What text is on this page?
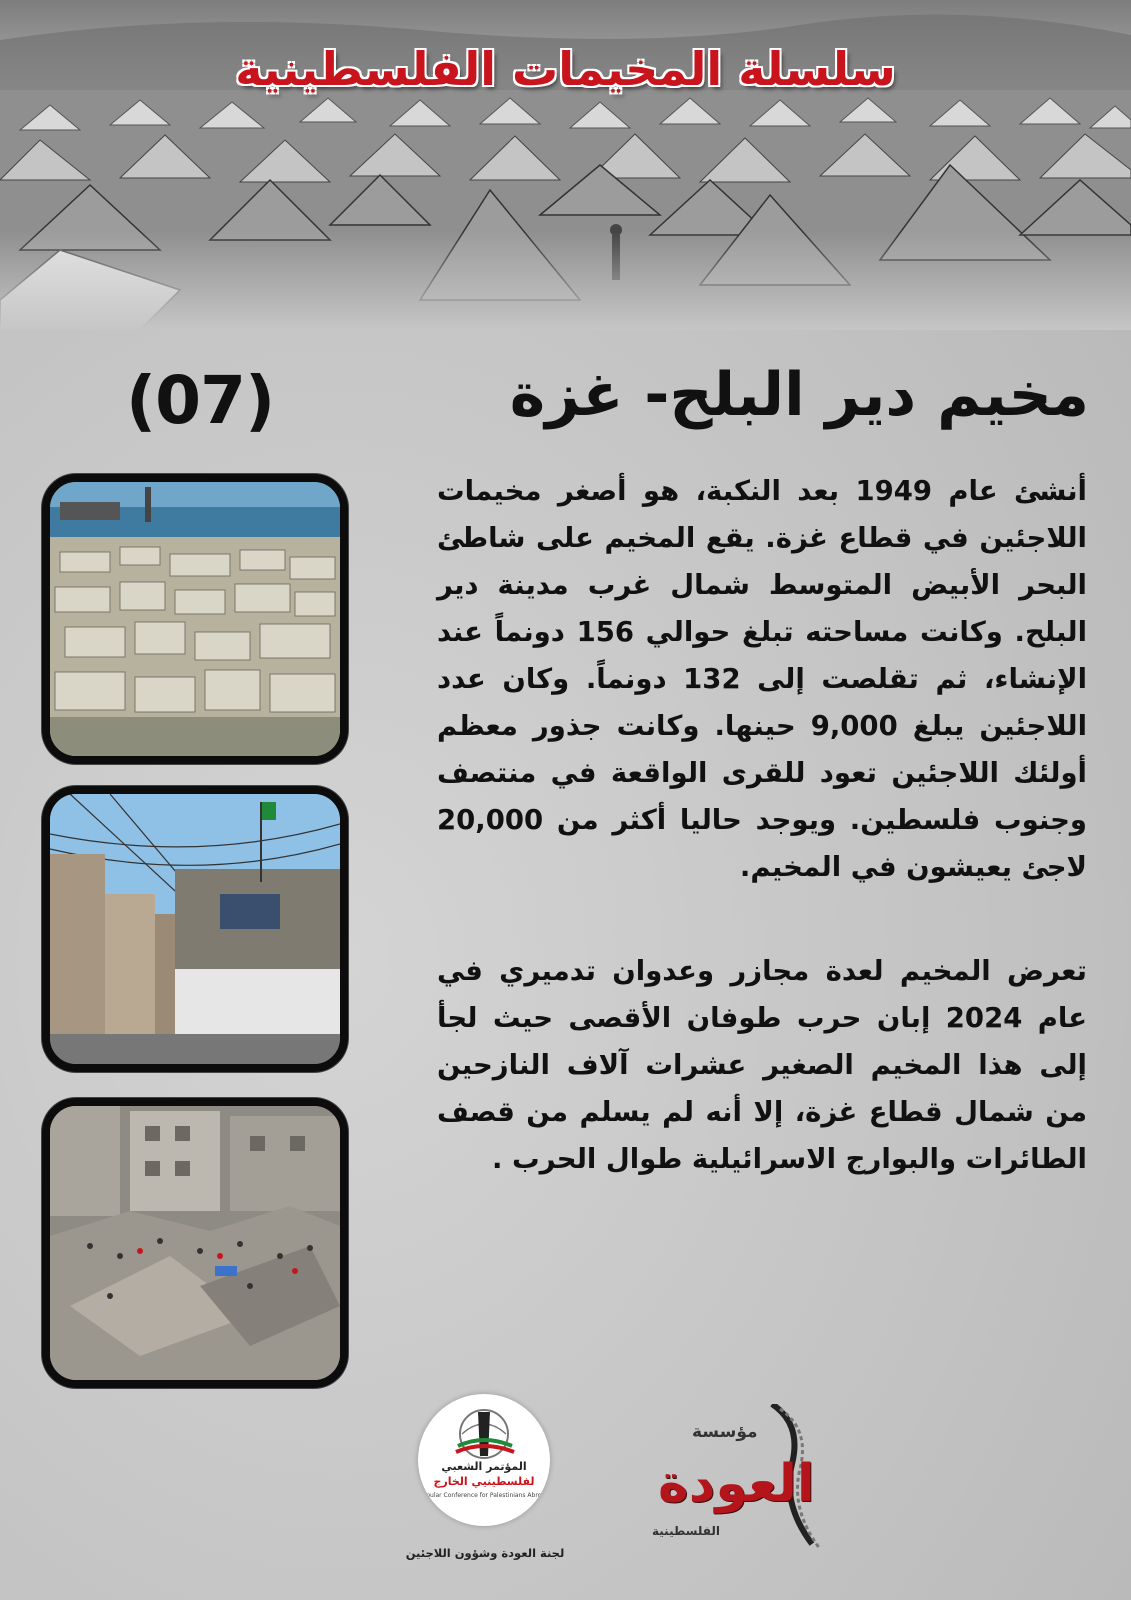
سلسلة المخيمات الفلسطينية
(07)	مخيم دير البلح- غزة
أنشئ عام 1949 بعد النكبة، هو أصغر مخيمات اللاجئين في قطاع غزة. يقع المخيم على شاطئ البحر الأبيض المتوسط شمال غرب مدينة دير البلح. وكانت مساحته تبلغ حوالي 156 دونماً عند الإنشاء، ثم تقلصت إلى 132 دونماً. وكان عدد اللاجئين يبلغ 9,000 حينها. وكانت جذور معظم أولئك اللاجئين تعود للقرى الواقعة في منتصف وجنوب فلسطين. ويوجد حاليا أكثر من 20,000 لاجئ يعيشون في المخيم.
تعرض المخيم لعدة مجازر وعدوان تدميري في عام 2024 إبان حرب طوفان الأقصى حيث لجأ إلى هذا المخيم الصغير عشرات آلاف النازحين من شمال قطاع غزة، إلا أنه لم يسلم من قصف الطائرات والبوارج الاسرائيلية طوال الحرب .
المؤتمر الشعبي
لفلسطينيي الخارج
Popular Conference for Palestinians Abroad
لجنة العودة وشؤون اللاجئين
مؤسسة
العودة
الفلسطينية
